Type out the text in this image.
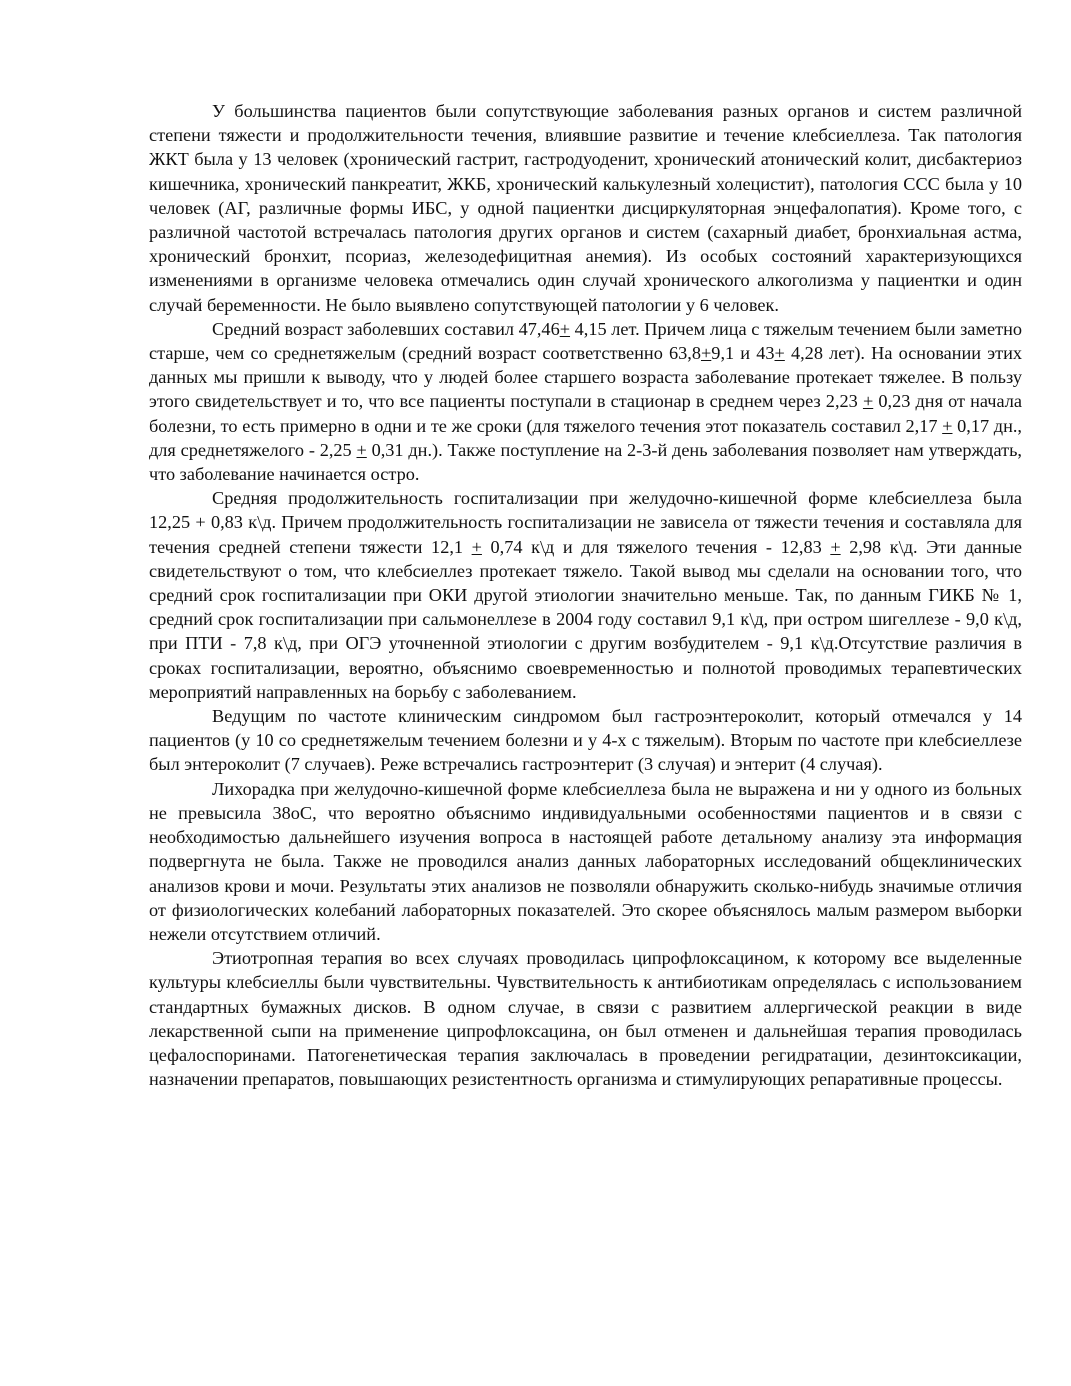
У большинства пациентов были сопутствующие заболевания разных органов и систем различной степени тяжести и продолжительности течения, влиявшие развитие и течение клебсиеллеза. Так патология ЖКТ была у 13 человек (хронический гастрит, гастродуоденит, хронический атонический колит, дисбактериоз кишечника, хронический панкреатит, ЖКБ, хронический калькулезный холецистит), патология ССС была у 10 человек (АГ, различные формы ИБС, у одной пациентки дисциркуляторная энцефалопатия). Кроме того, с различной частотой встречалась патология других органов и систем (сахарный диабет, бронхиальная астма, хронический бронхит, псориаз, железодефицитная анемия). Из особых состояний характеризующихся изменениями в организме человека отмечались один случай хронического алкоголизма у пациентки и один случай беременности. Не было выявлено сопутствующей патологии у 6 человек.

Средний возраст заболевших составил 47,46+ 4,15 лет. Причем лица с тяжелым течением были заметно старше, чем со среднетяжелым (средний возраст соответственно 63,8+9,1 и 43+ 4,28 лет). На основании этих данных мы пришли к выводу, что у людей более старшего возраста заболевание протекает тяжелее. В пользу этого свидетельствует и то, что все пациенты поступали в стационар в среднем через 2,23 + 0,23 дня от начала болезни, то есть примерно в одни и те же сроки (для тяжелого течения этот показатель составил 2,17 + 0,17 дн., для среднетяжелого - 2,25 + 0,31 дн.). Также поступление на 2-3-й день заболевания позволяет нам утверждать, что заболевание начинается остро.

Средняя продолжительность госпитализации при желудочно-кишечной форме клебсиеллеза была 12,25 + 0,83 к\д. Причем продолжительность госпитализации не зависела от тяжести течения и составляла для течения средней степени тяжести 12,1 + 0,74 к\д и для тяжелого течения - 12,83 + 2,98 к\д. Эти данные свидетельствуют о том, что клебсиеллез протекает тяжело. Такой вывод мы сделали на основании того, что средний срок госпитализации при ОКИ другой этиологии значительно меньше. Так, по данным ГИКБ № 1, средний срок госпитализации при сальмонеллезе в 2004 году составил 9,1 к\д, при остром шигеллезе - 9,0 к\д, при ПТИ - 7,8 к\д, при ОГЭ уточненной этиологии с другим возбудителем - 9,1 к\д.Отсутствие различия в сроках госпитализации, вероятно, объяснимо своевременностью и полнотой проводимых терапевтических мероприятий направленных на борьбу с заболеванием.

Ведущим по частоте клиническим синдромом был гастроэнтероколит, который отмечался у 14 пациентов (у 10 со среднетяжелым течением болезни и у 4-х с тяжелым). Вторым по частоте при клебсиеллезе был энтероколит (7 случаев). Реже встречались гастроэнтерит (3 случая) и энтерит (4 случая).

Лихорадка при желудочно-кишечной форме клебсиеллеза была не выражена и ни у одного из больных не превысила 38оС, что вероятно объяснимо индивидуальными особенностями пациентов и в связи с необходимостью дальнейшего изучения вопроса в настоящей работе детальному анализу эта информация подвергнута не была. Также не проводился анализ данных лабораторных исследований общеклинических анализов крови и мочи. Результаты этих анализов не позволяли обнаружить сколько-нибудь значимые отличия от физиологических колебаний лабораторных показателей. Это скорее объяснялось малым размером выборки нежели отсутствием отличий.

Этиотропная терапия во всех случаях проводилась ципрофлоксацином, к которому все выделенные культуры клебсиеллы были чувствительны. Чувствительность к антибиотикам определялась с использованием стандартных бумажных дисков. В одном случае, в связи с развитием аллергической реакции в виде лекарственной сыпи на применение ципрофлоксацина, он был отменен и дальнейшая терапия проводилась цефалоспоринами. Патогенетическая терапия заключалась в проведении регидратации, дезинтоксикации, назначении препаратов, повышающих резистентность организма и стимулирующих репаративные процессы.
